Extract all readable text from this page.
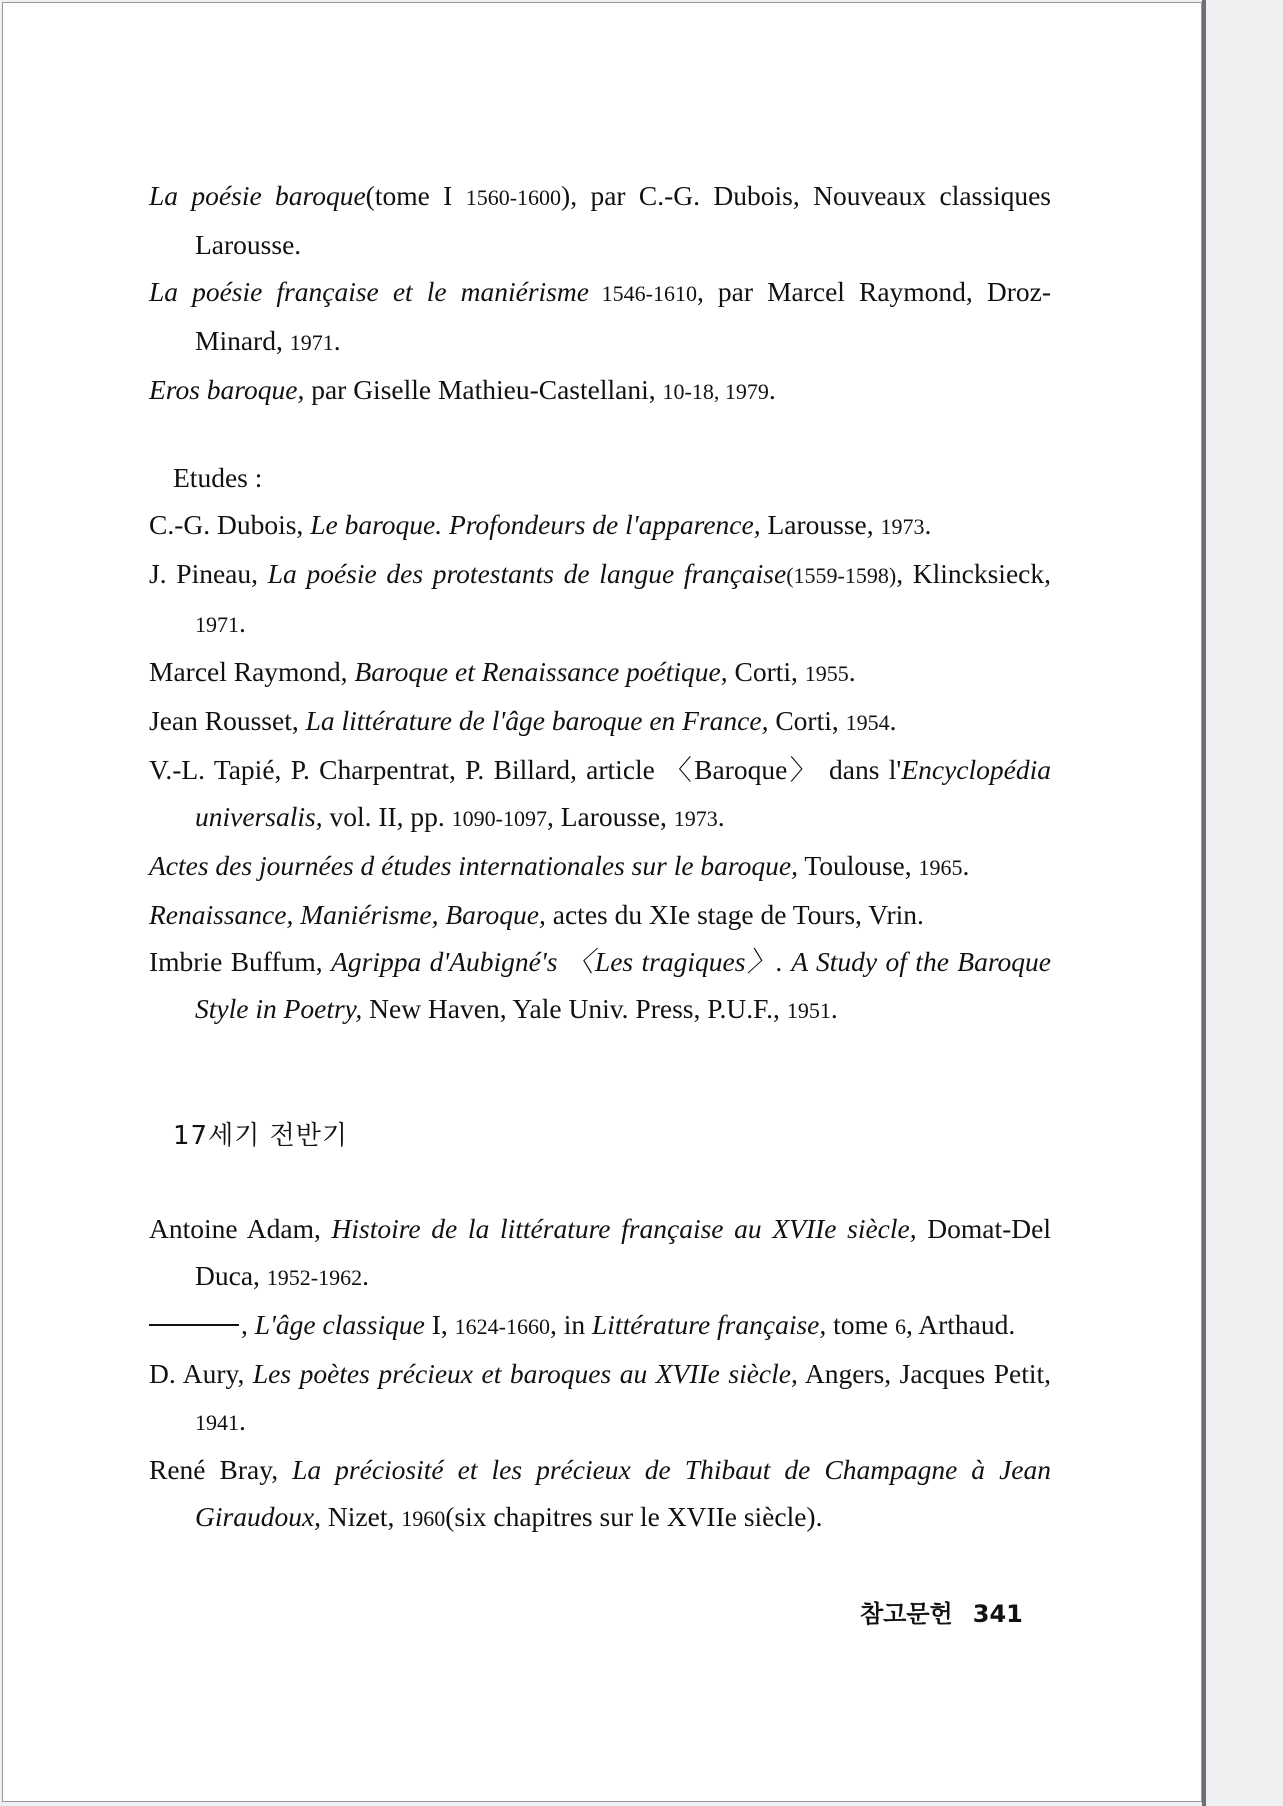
La poésie baroque(tome I 1560-1600), par C.-G. Dubois, Nouveaux classiques Larousse.
La poésie française et le maniérisme 1546-1610, par Marcel Raymond, Droz-Minard, 1971.
Eros baroque, par Giselle Mathieu-Castellani, 10-18, 1979.
Etudes :
C.-G. Dubois, Le baroque. Profondeurs de l'apparence, Larousse, 1973.
J. Pineau, La poésie des protestants de langue française(1559-1598), Klincksieck, 1971.
Marcel Raymond, Baroque et Renaissance poétique, Corti, 1955.
Jean Rousset, La littérature de l'âge baroque en France, Corti, 1954.
V.-L. Tapié, P. Charpentrat, P. Billard, article 〈Baroque〉 dans l'Encyclopédia universalis, vol. II, pp. 1090-1097, Larousse, 1973.
Actes des journées d études internationales sur le baroque, Toulouse, 1965.
Renaissance, Maniérisme, Baroque, actes du XIe stage de Tours, Vrin.
Imbrie Buffum, Agrippa d'Aubigné's 〈Les tragiques〉. A Study of the Baroque Style in Poetry, New Haven, Yale Univ. Press, P.U.F., 1951.
17세기 전반기
Antoine Adam, Histoire de la littérature française au XVIIe siècle, Domat-Del Duca, 1952-1962.
, L'âge classique I, 1624-1660, in Littérature française, tome 6, Arthaud.
D. Aury, Les poètes précieux et baroques au XVIIe siècle, Angers, Jacques Petit, 1941.
René Bray, La préciosité et les précieux de Thibaut de Champagne à Jean Giraudoux, Nizet, 1960(six chapitres sur le XVIIe siècle).
참고문헌 341
